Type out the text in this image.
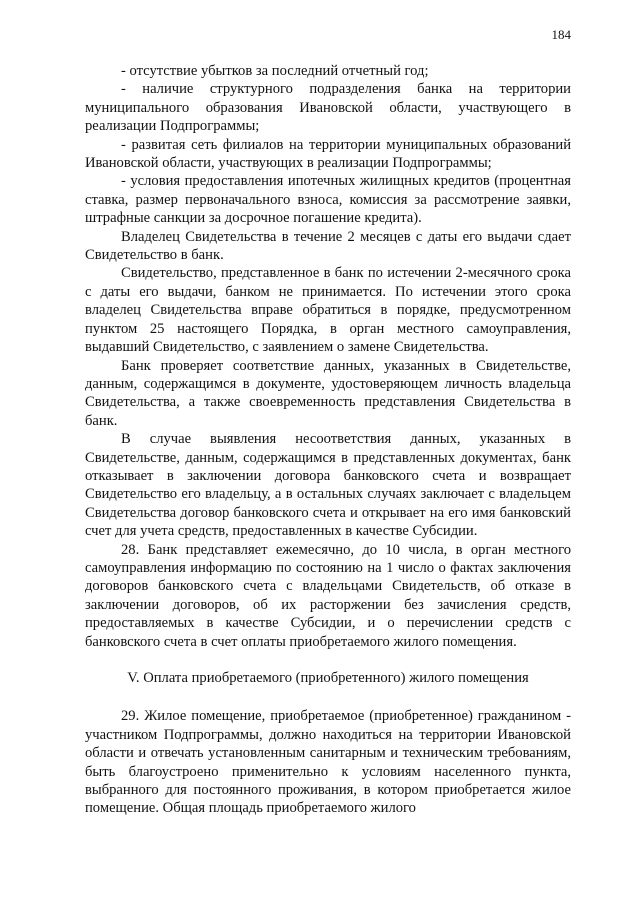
184

- отсутствие убытков за последний отчетный год;

- наличие структурного подразделения банка на территории муниципального образования Ивановской области, участвующего в реализации Подпрограммы;

- развитая сеть филиалов на территории муниципальных образований Ивановской области, участвующих в реализации Подпрограммы;

- условия предоставления ипотечных жилищных кредитов (процентная ставка, размер первоначального взноса, комиссия за рассмотрение заявки, штрафные санкции за досрочное погашение кредита).

Владелец Свидетельства в течение 2 месяцев с даты его выдачи сдает Свидетельство в банк.

Свидетельство, представленное в банк по истечении 2-месячного срока с даты его выдачи, банком не принимается. По истечении этого срока владелец Свидетельства вправе обратиться в порядке, предусмотренном пунктом 25 настоящего Порядка, в орган местного самоуправления, выдавший Свидетельство, с заявлением о замене Свидетельства.

Банк проверяет соответствие данных, указанных в Свидетельстве, данным, содержащимся в документе, удостоверяющем личность владельца Свидетельства, а также своевременность представления Свидетельства в банк.

В случае выявления несоответствия данных, указанных в Свидетельстве, данным, содержащимся в представленных документах, банк отказывает в заключении договора банковского счета и возвращает Свидетельство его владельцу, а в остальных случаях заключает с владельцем Свидетельства договор банковского счета и открывает на его имя банковский счет для учета средств, предоставленных в качестве Субсидии.

28. Банк представляет ежемесячно, до 10 числа, в орган местного самоуправления информацию по состоянию на 1 число о фактах заключения договоров банковского счета с владельцами Свидетельств, об отказе в заключении договоров, об их расторжении без зачисления средств, предоставляемых в качестве Субсидии, и о перечислении средств с банковского счета в счет оплаты приобретаемого жилого помещения.

V. Оплата приобретаемого (приобретенного) жилого помещения

29. Жилое помещение, приобретаемое (приобретенное) гражданином - участником Подпрограммы, должно находиться на территории Ивановской области и отвечать установленным санитарным и техническим требованиям, быть благоустроено применительно к условиям населенного пункта, выбранного для постоянного проживания, в котором приобретается жилое помещение. Общая площадь приобретаемого жилого
